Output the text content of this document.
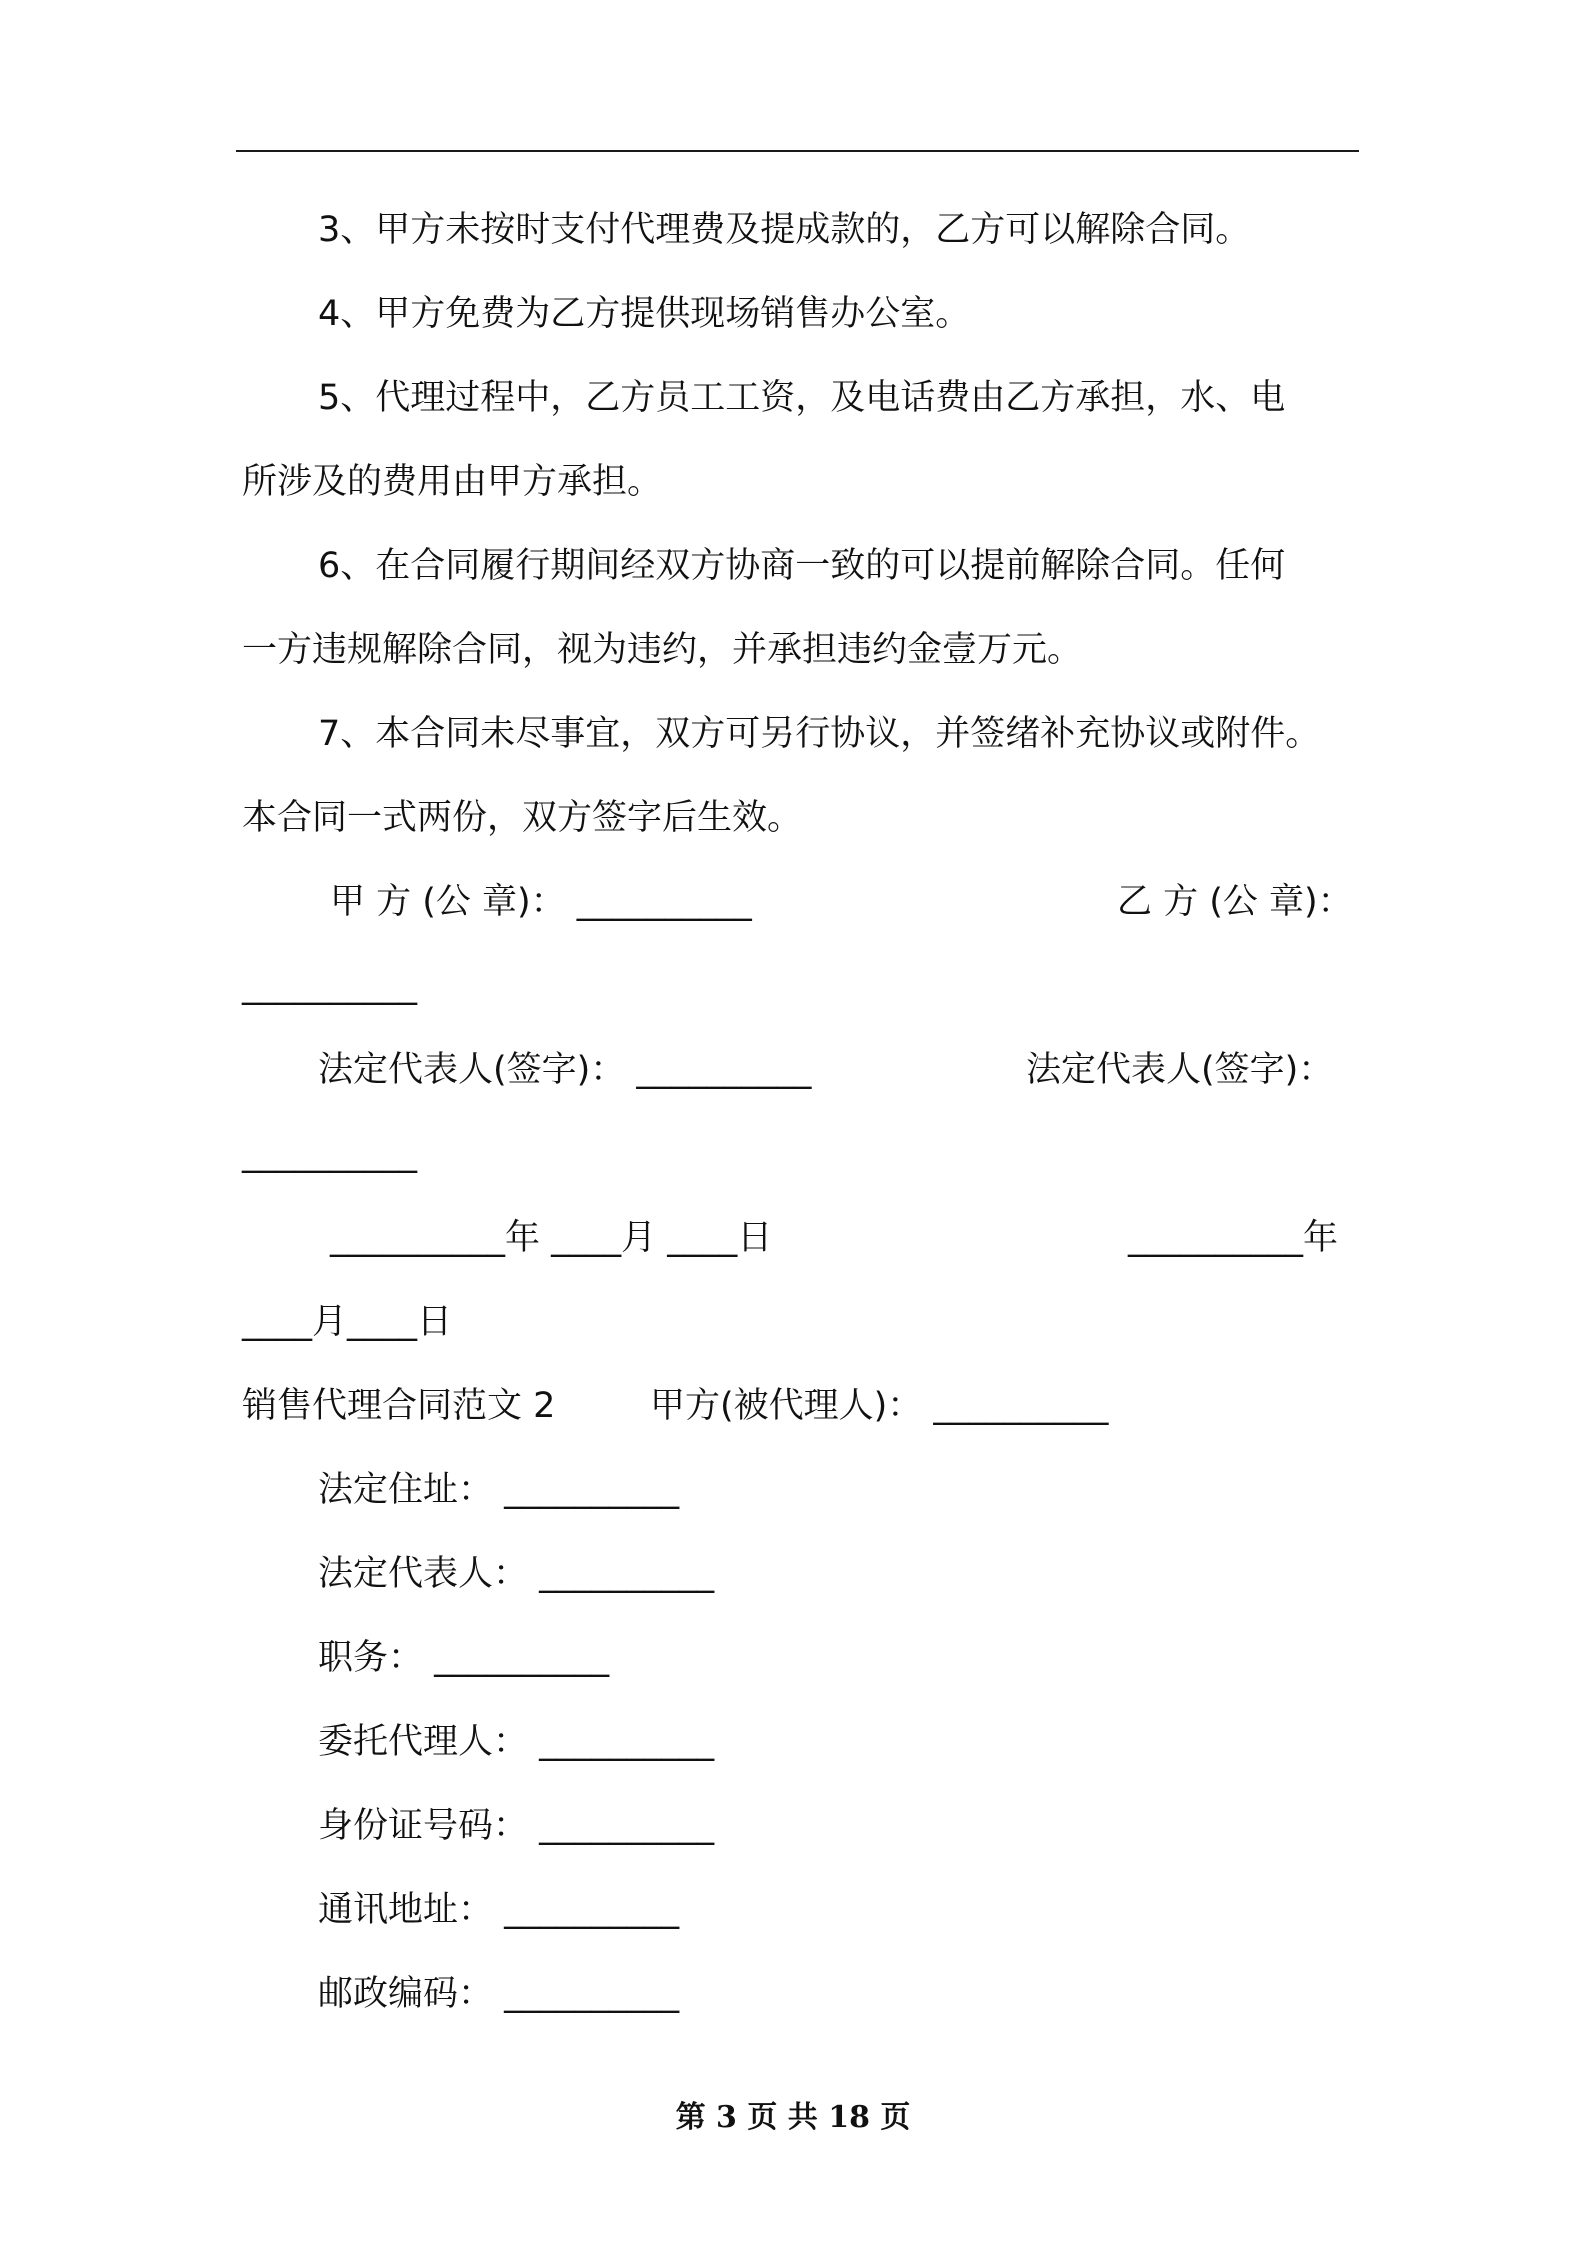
3、甲方未按时支付代理费及提成款的，乙方可以解除合同。
4、甲方免费为乙方提供现场销售办公室。
5、代理过程中，乙方员工工资，及电话费由乙方承担，水、电
所涉及的费用由甲方承担。
6、在合同履行期间经双方协商一致的可以提前解除合同。任何
一方违规解除合同，视为违约，并承担违约金壹万元。
7、本合同未尽事宜，双方可另行协议，并签绪补充协议或附件。
本合同一式两份，双方签字后生效。
甲 方 (公 章)： __________	乙 方 (公 章)：
__________
法定代表人(签字)： __________	法定代表人(签字)：
__________
__________年 ____月 ____日	__________年
____月____日
销售代理合同范文 2	甲方(被代理人)： __________
法定住址： __________
法定代表人： __________
职务： __________
委托代理人： __________
身份证号码： __________
通讯地址： __________
邮政编码： __________
第 3 页 共 18 页
